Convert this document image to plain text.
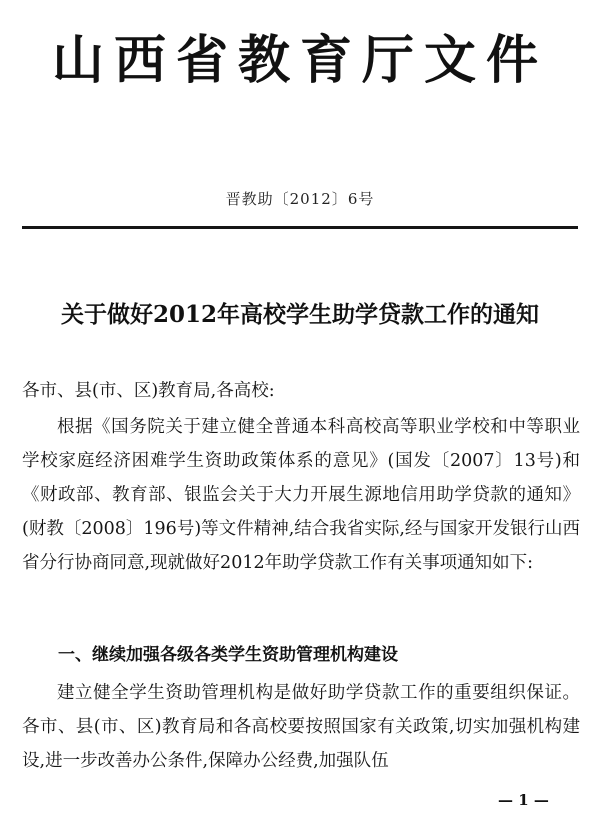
山西省教育厅文件
晋教助〔2012〕6号
关于做好2012年高校学生助学贷款工作的通知
各市、县(市、区)教育局,各高校:
根据《国务院关于建立健全普通本科高校高等职业学校和中等职业学校家庭经济困难学生资助政策体系的意见》(国发〔2007〕13号)和《财政部、教育部、银监会关于大力开展生源地信用助学贷款的通知》(财教〔2008〕196号)等文件精神,结合我省实际,经与国家开发银行山西省分行协商同意,现就做好2012年助学贷款工作有关事项通知如下:
一、继续加强各级各类学生资助管理机构建设
建立健全学生资助管理机构是做好助学贷款工作的重要组织保证。各市、县(市、区)教育局和各高校要按照国家有关政策,切实加强机构建设,进一步改善办公条件,保障办公经费,加强队伍
— 1 —
